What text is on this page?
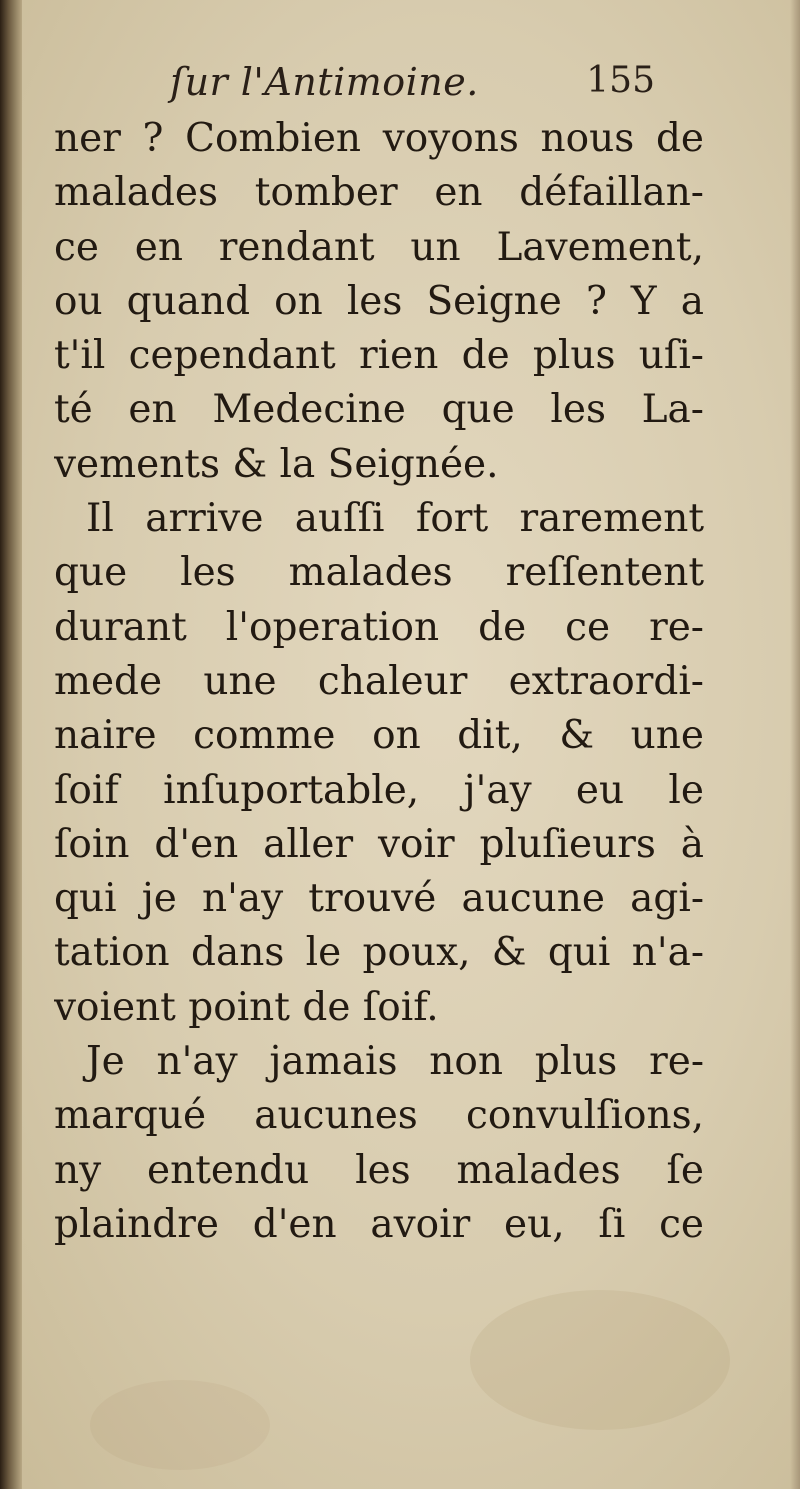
ſur l'Antimoine.	155
ner ? Combien voyons nous de
malades tomber en défaillan-
ce en rendant un Lavement,
ou quand on les Seigne ? Y a
t'il cependant rien de plus uſi-
té en Medecine que les La-
vements & la Seignée.
Il arrive auſſi fort rarement
que les malades reſſentent
durant l'operation de ce re-
mede une chaleur extraordi-
naire comme on dit, & une
ſoif inſuportable, j'ay eu le
ſoin d'en aller voir pluſieurs à
qui je n'ay trouvé aucune agi-
tation dans le poux, & qui n'a-
voient point de ſoif.
Je n'ay jamais non plus re-
marqué aucunes convulſions,
ny entendu les malades ſe
plaindre d'en avoir eu, ſi ce
